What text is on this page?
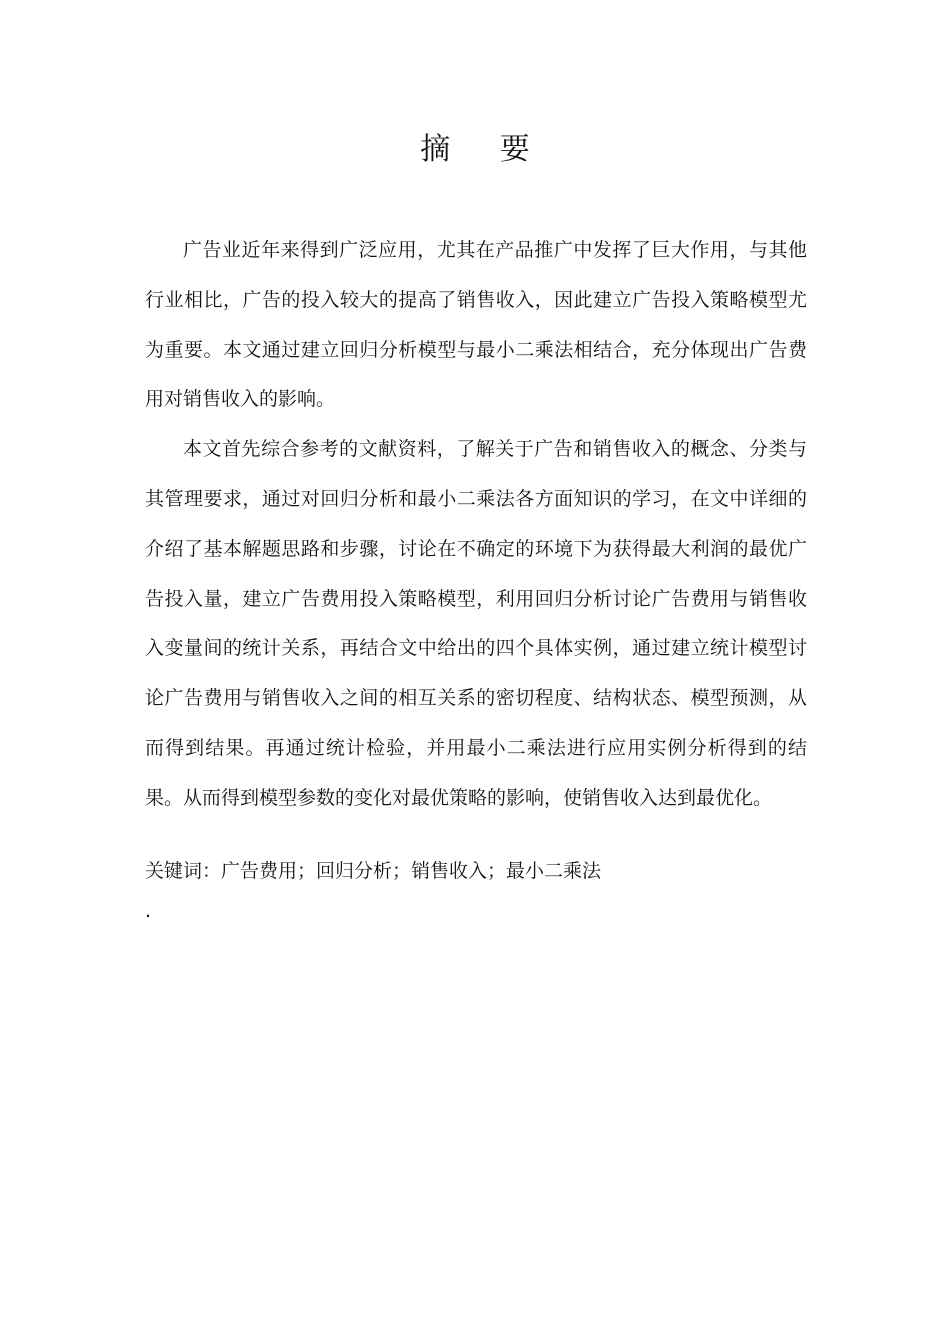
摘 要

广告业近年来得到广泛应用，尤其在产品推广中发挥了巨大作用，与其他行业相比，广告的投入较大的提高了销售收入，因此建立广告投入策略模型尤为重要。本文通过建立回归分析模型与最小二乘法相结合，充分体现出广告费用对销售收入的影响。

本文首先综合参考的文献资料，了解关于广告和销售收入的概念、分类与其管理要求，通过对回归分析和最小二乘法各方面知识的学习，在文中详细的介绍了基本解题思路和步骤，讨论在不确定的环境下为获得最大利润的最优广告投入量，建立广告费用投入策略模型，利用回归分析讨论广告费用与销售收入变量间的统计关系，再结合文中给出的四个具体实例，通过建立统计模型讨论广告费用与销售收入之间的相互关系的密切程度、结构状态、模型预测，从而得到结果。再通过统计检验，并用最小二乘法进行应用实例分析得到的结果。从而得到模型参数的变化对最优策略的影响，使销售收入达到最优化。

关键词：广告费用；回归分析；销售收入；最小二乘法
.
